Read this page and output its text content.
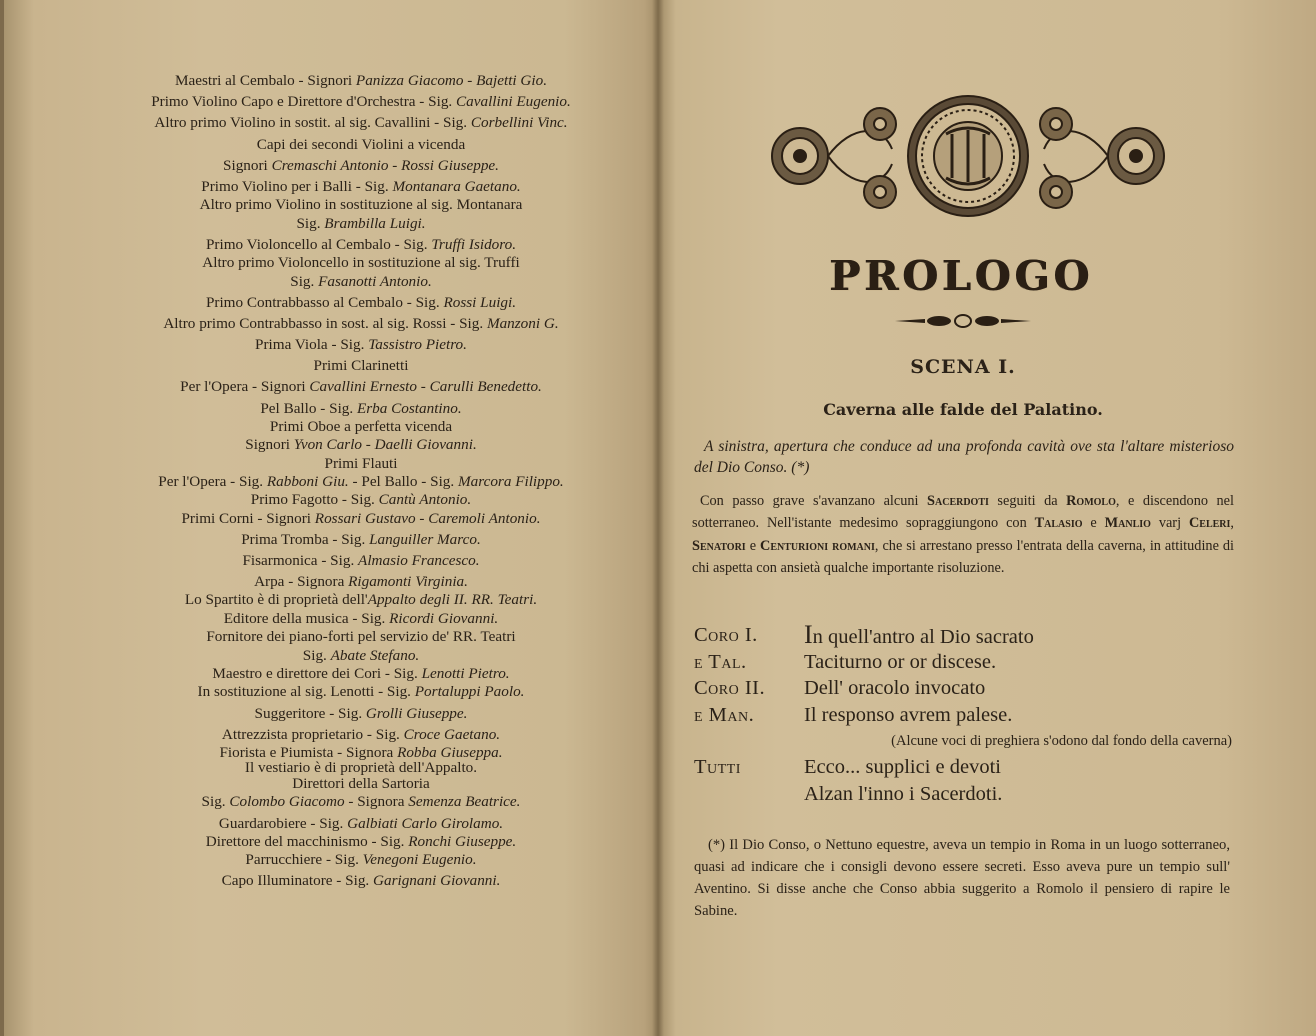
Maestri al Cembalo - Signori Panizza Giacomo - Bajetti Gio.
Primo Violino Capo e Direttore d'Orchestra - Sig. Cavallini Eugenio.
Altro primo Violino in sostit. al sig. Cavallini - Sig. Corbellini Vinc.
Capi dei secondi Violini a vicenda
Signori Cremaschi Antonio - Rossi Giuseppe.
Primo Violino per i Balli - Sig. Montanara Gaetano.
Altro primo Violino in sostituzione al sig. Montanara
Sig. Brambilla Luigi.
Primo Violoncello al Cembalo - Sig. Truffi Isidoro.
Altro primo Violoncello in sostituzione al sig. Truffi
Sig. Fasanotti Antonio.
Primo Contrabbasso al Cembalo - Sig. Rossi Luigi.
Altro primo Contrabbasso in sost. al sig. Rossi - Sig. Manzoni G.
Prima Viola - Sig. Tassistro Pietro.
Primi Clarinetti
Per l'Opera - Signori Cavallini Ernesto - Carulli Benedetto.
Pel Ballo - Sig. Erba Costantino.
Primi Oboe a perfetta vicenda
Signori Yvon Carlo - Daelli Giovanni.
Primi Flauti
Per l'Opera - Sig. Rabboni Giu. - Pel Ballo - Sig. Marcora Filippo.
Primo Fagotto - Sig. Cantù Antonio.
Primi Corni - Signori Rossari Gustavo - Caremoli Antonio.
Prima Tromba - Sig. Languiller Marco.
Fisarmonica - Sig. Almasio Francesco.
Arpa - Signora Rigamonti Virginia.
Lo Spartito è di proprietà dell'Appalto degli II. RR. Teatri.
Editore della musica - Sig. Ricordi Giovanni.
Fornitore dei piano-forti pel servizio de' RR. Teatri
Sig. Abate Stefano.
Maestro e direttore dei Cori - Sig. Lenotti Pietro.
In sostituzione al sig. Lenotti - Sig. Portaluppi Paolo.
Suggeritore - Sig. Grolli Giuseppe.
Attrezzista proprietario - Sig. Croce Gaetano.
Fiorista e Piumista - Signora Robba Giuseppa.
Il vestiario è di proprietà dell'Appalto.
Direttori della Sartoria
Sig. Colombo Giacomo - Signora Semenza Beatrice.
Guardarobiere - Sig. Galbiati Carlo Girolamo.
Direttore del macchinismo - Sig. Ronchi Giuseppe.
Parrucchiere - Sig. Venegoni Eugenio.
Capo Illuminatore - Sig. Garignani Giovanni.
PROLOGO
SCENA I.
Caverna alle falde del Palatino.
A sinistra, apertura che conduce ad una profonda cavità ove sta l'altare misterioso del Dio Conso. (*)
Con passo grave s'avanzano alcuni Sacerdoti seguiti da Romolo, e discendono nel sotterraneo. Nell'istante medesimo sopraggiungono con Talasio e Manlio varj Celeri, Senatori e Centurioni romani, che si arrestano presso l'entrata della caverna, in attitudine di chi aspetta con ansietà qualche importante risoluzione.
Coro I. In quell'antro al Dio sacrato
e Tal.	Taciturno or or discese.
Coro II. Dell' oracolo invocato
e Man. Il responso avrem palese.
(Alcune voci di preghiera s'odono dal fondo della caverna)
Tutti	Ecco... supplici e devoti
Alzan l'inno i Sacerdoti.
(*) Il Dio Conso, o Nettuno equestre, aveva un tempio in Roma in un luogo sotterraneo, quasi ad indicare che i consigli devono essere secreti. Esso aveva pure un tempio sull' Aventino. Si disse anche che Conso abbia suggerito a Romolo il pensiero di rapire le Sabine.
